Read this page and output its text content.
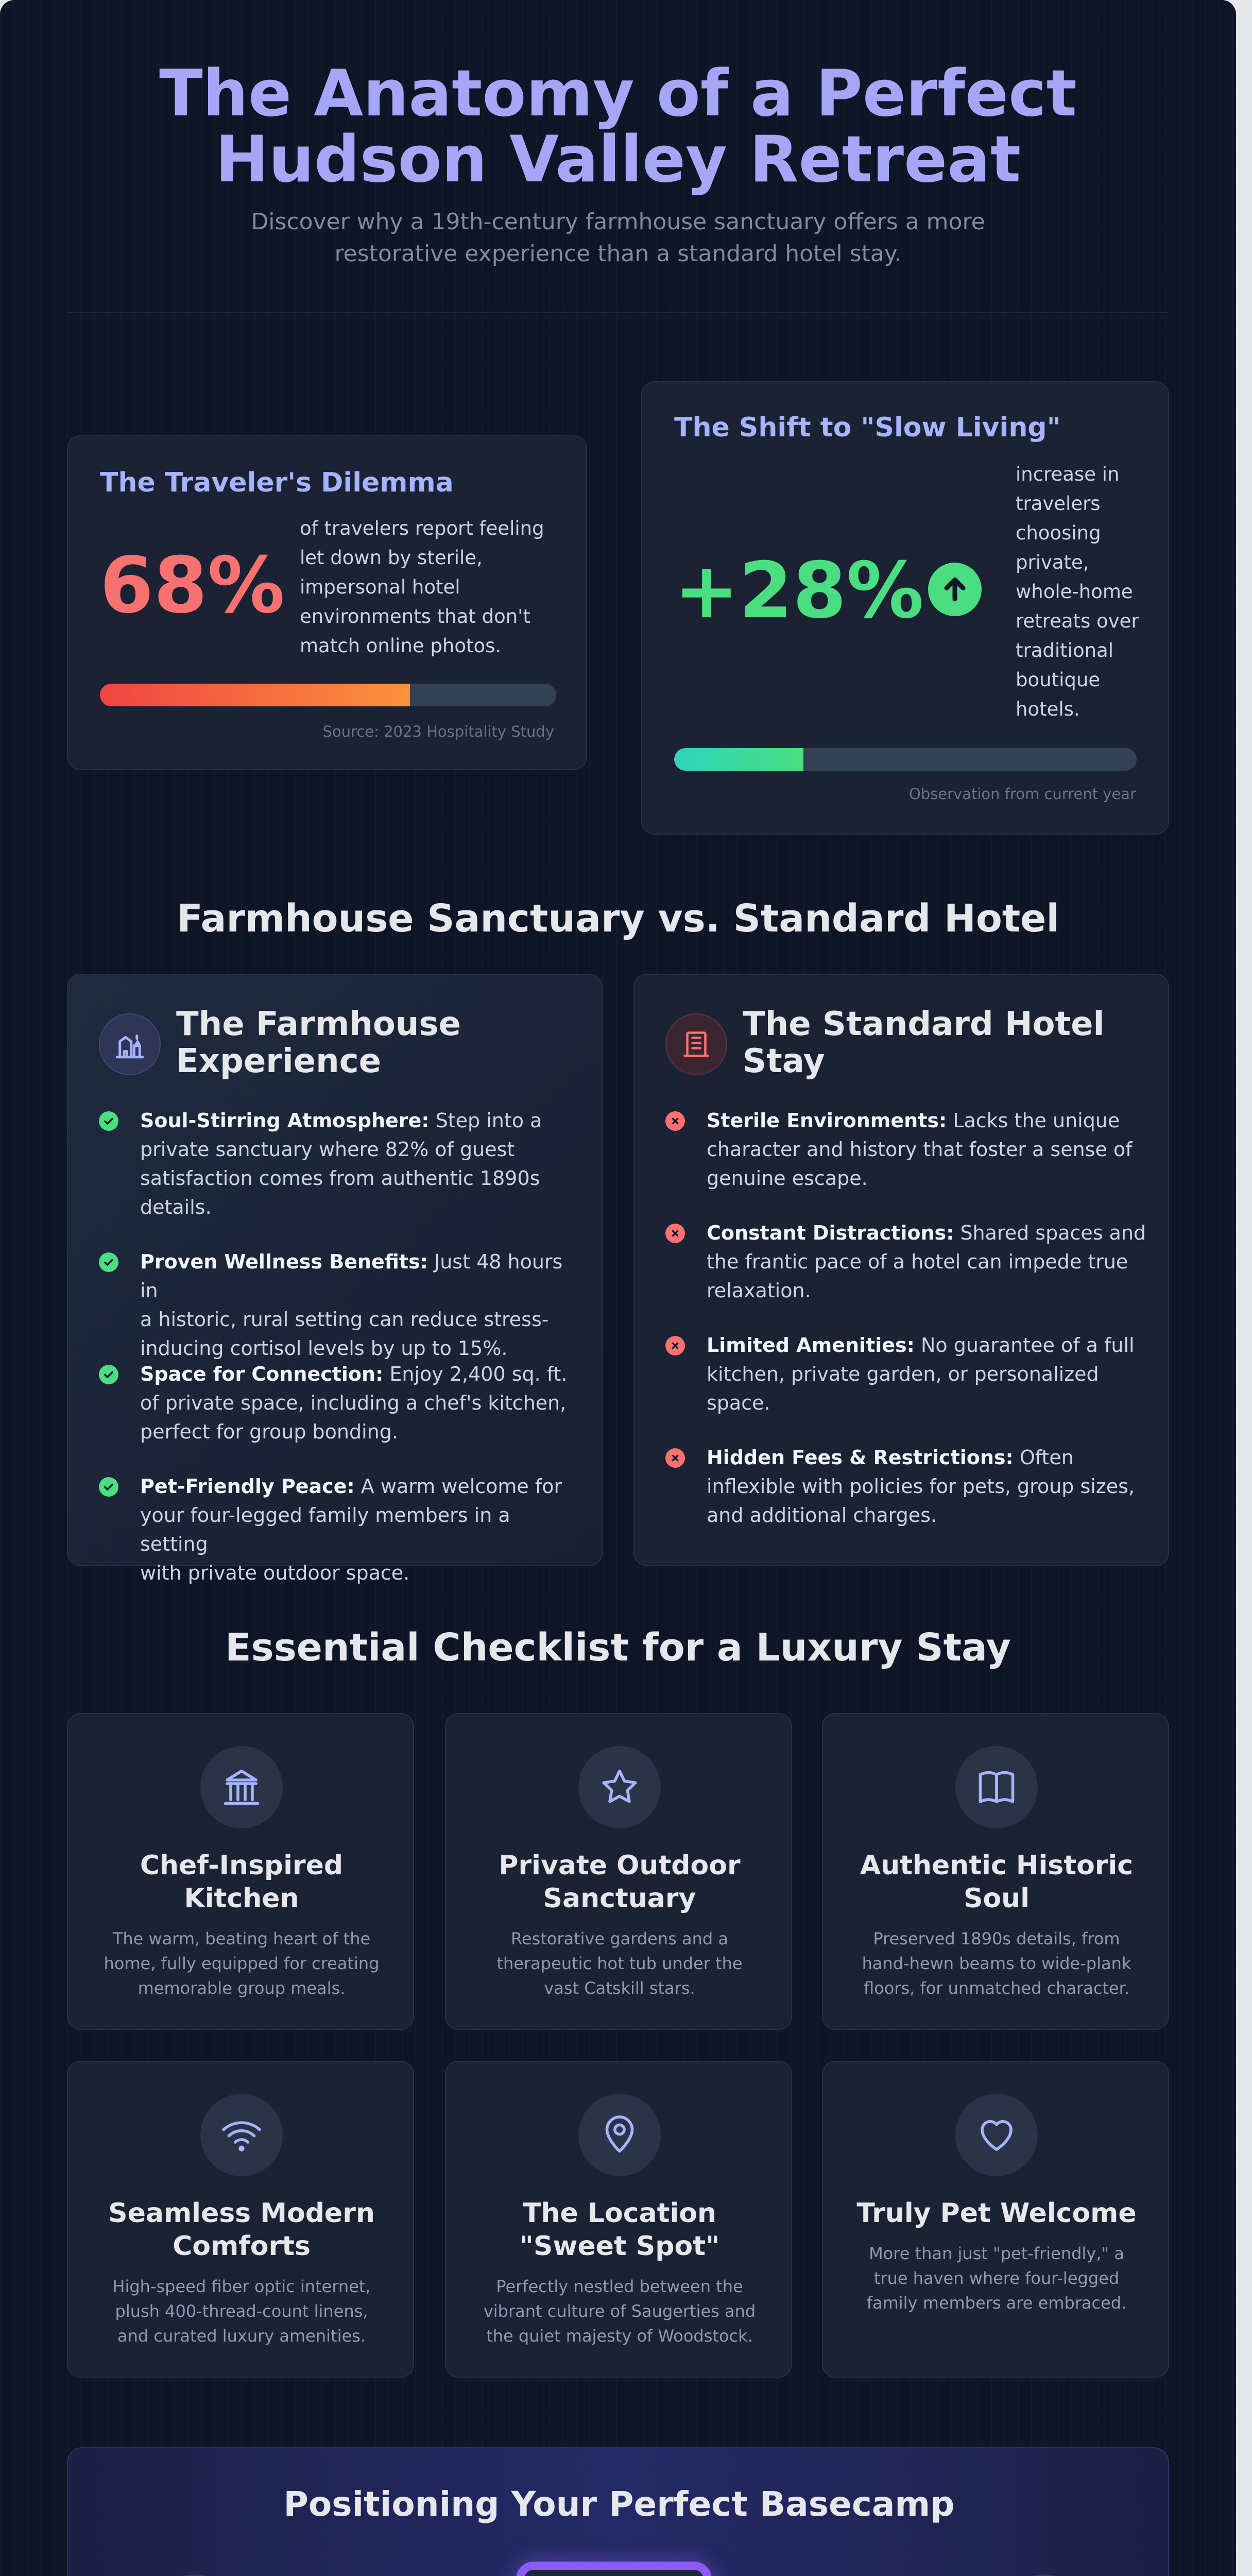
The Anatomy of a Perfect
Hudson Valley Retreat
Discover why a 19th-century farmhouse sanctuary offers a more
restorative experience than a standard hotel stay.
The Traveler's Dilemma
68%
of travelers report feeling
let down by sterile,
impersonal hotel
environments that don't
match online photos.
Source: 2023 Hospitality Study
The Shift to "Slow Living"
+28%
increase in
travelers
choosing
private,
whole-home
retreats over
traditional
boutique
hotels.
Observation from current year
Farmhouse Sanctuary vs. Standard Hotel
The Farmhouse
Experience
Soul-Stirring Atmosphere: Step into a
private sanctuary where 82% of guest
satisfaction comes from authentic 1890s
details.
Proven Wellness Benefits: Just 48 hours in
a historic, rural setting can reduce stress-
inducing cortisol levels by up to 15%.
Space for Connection: Enjoy 2,400 sq. ft.
of private space, including a chef's kitchen,
perfect for group bonding.
Pet-Friendly Peace: A warm welcome for
your four-legged family members in a setting
with private outdoor space.
The Standard Hotel
Stay
Sterile Environments: Lacks the unique
character and history that foster a sense of
genuine escape.
Constant Distractions: Shared spaces and
the frantic pace of a hotel can impede true
relaxation.
Limited Amenities: No guarantee of a full
kitchen, private garden, or personalized
space.
Hidden Fees & Restrictions: Often
inflexible with policies for pets, group sizes,
and additional charges.
Essential Checklist for a Luxury Stay
Chef-Inspired
Kitchen
The warm, beating heart of the
home, fully equipped for creating
memorable group meals.
Private Outdoor
Sanctuary
Restorative gardens and a
therapeutic hot tub under the
vast Catskill stars.
Authentic Historic
Soul
Preserved 1890s details, from
hand-hewn beams to wide-plank
floors, for unmatched character.
Seamless Modern
Comforts
High-speed fiber optic internet,
plush 400-thread-count linens,
and curated luxury amenities.
The Location
"Sweet Spot"
Perfectly nestled between the
vibrant culture of Saugerties and
the quiet majesty of Woodstock.
Truly Pet Welcome
More than just "pet-friendly," a
true haven where four-legged
family members are embraced.
Positioning Your Perfect Basecamp
